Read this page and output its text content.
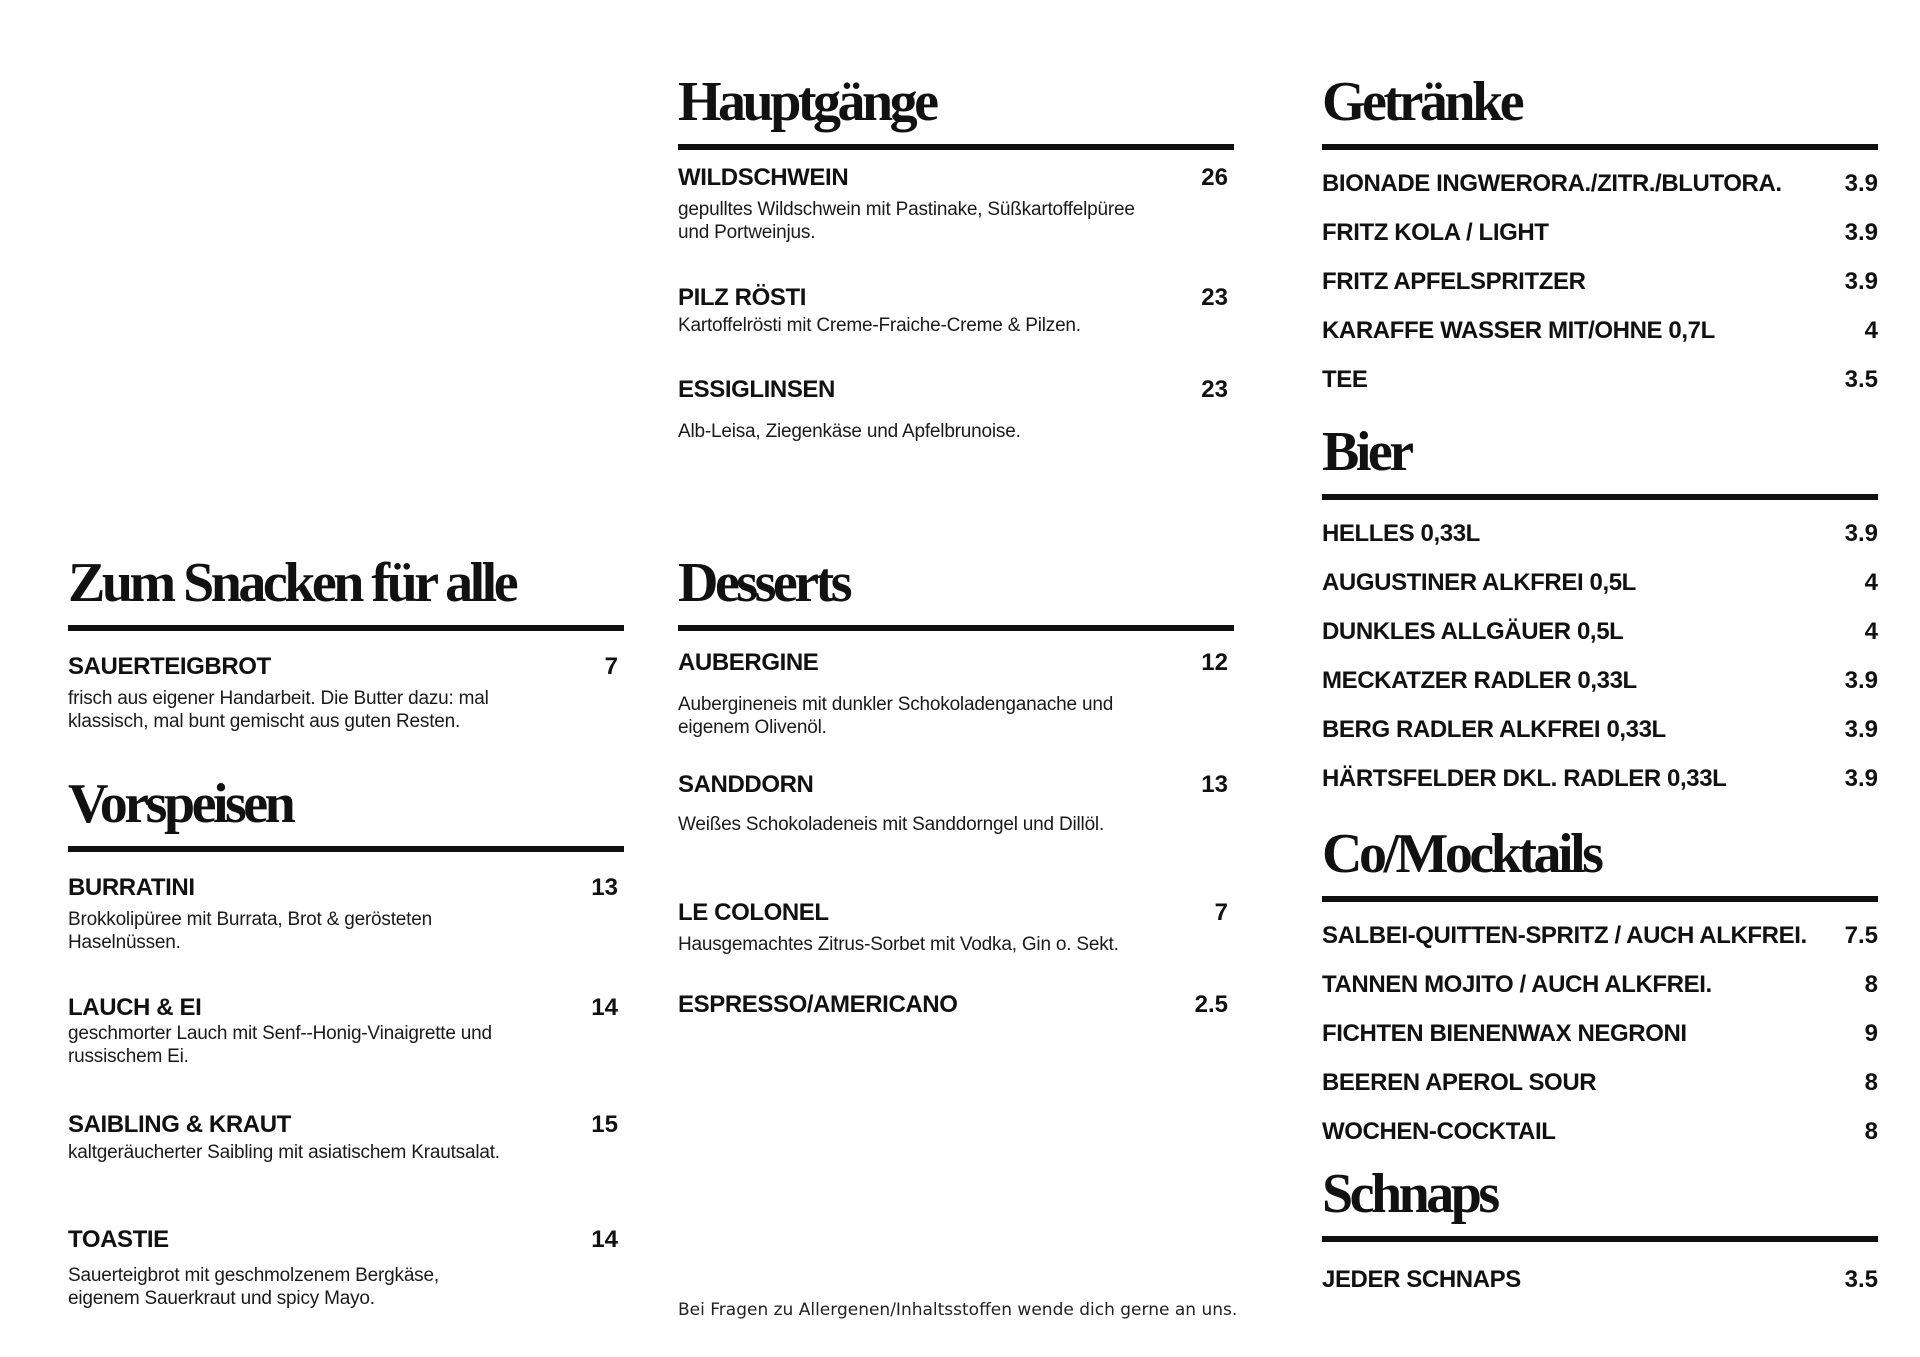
Zum Snacken für alle
SAUERTEIGBROT	7
frisch aus eigener Handarbeit. Die Butter dazu: mal
klassisch, mal bunt gemischt aus guten Resten.
Vorspeisen
BURRATINI	13
Brokkolipüree mit Burrata, Brot & gerösteten
Haselnüssen.
LAUCH & EI	14
geschmorter Lauch mit Senf--Honig-Vinaigrette und
russischem Ei.
SAIBLING & KRAUT	15
kaltgeräucherter Saibling mit asiatischem Krautsalat.
TOASTIE	14
Sauerteigbrot mit geschmolzenem Bergkäse,
eigenem Sauerkraut und spicy Mayo.
Hauptgänge
WILDSCHWEIN	26
gepulltes Wildschwein mit Pastinake, Süßkartoffelpüree
und Portweinjus.
PILZ RÖSTI	23
Kartoffelrösti mit Creme-Fraiche-Creme & Pilzen.
ESSIGLINSEN	23
Alb-Leisa, Ziegenkäse und Apfelbrunoise.
Desserts
AUBERGINE	12
Auberginеneis mit dunkler Schokoladenganache und
eigenem Olivenöl.
SANDDORN	13
Weißes Schokoladeneis mit Sanddorngel und Dillöl.
LE COLONEL	7
Hausgemachtes Zitrus-Sorbet mit Vodka, Gin o. Sekt.
ESPRESSO/AMERICANO	2.5
Bei Fragen zu Allergenen/Inhaltsstoffen wende dich gerne an uns.
Getränke
BIONADE INGWERORA./ZITR./BLUTORA.	3.9
FRITZ KOLA / LIGHT	3.9
FRITZ APFELSPRITZER	3.9
KARAFFE WASSER MIT/OHNE 0,7L	4
TEE	3.5
Bier
HELLES 0,33L	3.9
AUGUSTINER ALKFREI 0,5L	4
DUNKLES ALLGÄUER 0,5L	4
MECKATZER RADLER 0,33L	3.9
BERG RADLER ALKFREI 0,33L	3.9
HÄRTSFELDER DKL. RADLER 0,33L	3.9
Co/Mocktails
SALBEI-QUITTEN-SPRITZ / AUCH ALKFREI.	7.5
TANNEN MOJITO / AUCH ALKFREI.	8
FICHTEN BIENENWAX NEGRONI	9
BEEREN APEROL SOUR	8
WOCHEN-COCKTAIL	8
Schnaps
JEDER SCHNAPS	3.5
